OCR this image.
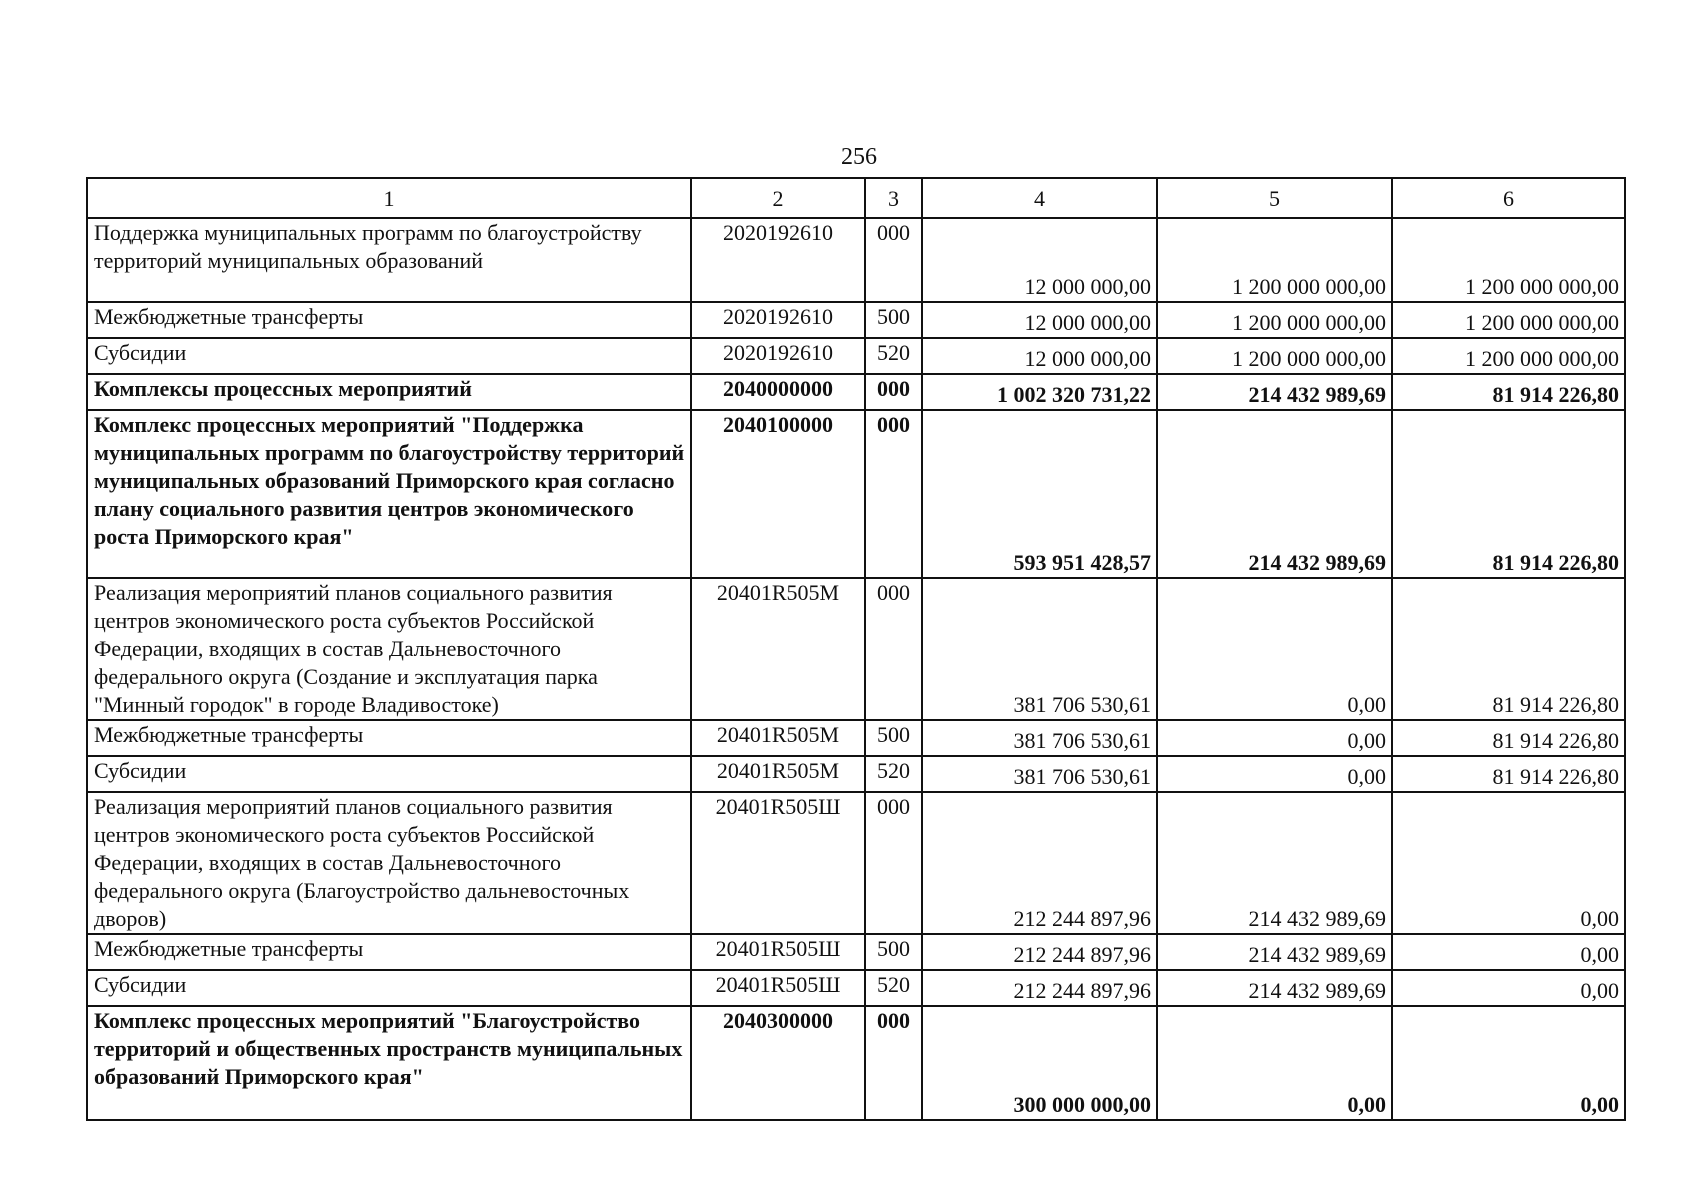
256
1	2	3	4	5	6
Поддержка муниципальных программ по благоустройству территорий муниципальных образований	2020192610	000	12 000 000,00	1 200 000 000,00	1 200 000 000,00
Межбюджетные трансферты	2020192610	500	12 000 000,00	1 200 000 000,00	1 200 000 000,00
Субсидии	2020192610	520	12 000 000,00	1 200 000 000,00	1 200 000 000,00
Комплексы процессных мероприятий	2040000000	000	1 002 320 731,22	214 432 989,69	81 914 226,80
Комплекс процессных мероприятий "Поддержка муниципальных программ по благоустройству территорий муниципальных образований Приморского края согласно плану социального развития центров экономического роста Приморского края"	2040100000	000	593 951 428,57	214 432 989,69	81 914 226,80
Реализация мероприятий планов социального развития центров экономического роста субъектов Российской Федерации, входящих в состав Дальневосточного федерального округа (Создание и эксплуатация парка "Минный городок" в городе Владивостоке)	20401R505M	000	381 706 530,61	0,00	81 914 226,80
Межбюджетные трансферты	20401R505M	500	381 706 530,61	0,00	81 914 226,80
Субсидии	20401R505M	520	381 706 530,61	0,00	81 914 226,80
Реализация мероприятий планов социального развития центров экономического роста субъектов Российской Федерации, входящих в состав Дальневосточного федерального округа (Благоустройство дальневосточных дворов)	20401R505Ш	000	212 244 897,96	214 432 989,69	0,00
Межбюджетные трансферты	20401R505Ш	500	212 244 897,96	214 432 989,69	0,00
Субсидии	20401R505Ш	520	212 244 897,96	214 432 989,69	0,00
Комплекс процессных мероприятий "Благоустройство территорий и общественных пространств муниципальных образований Приморского края"	2040300000	000	300 000 000,00	0,00	0,00
